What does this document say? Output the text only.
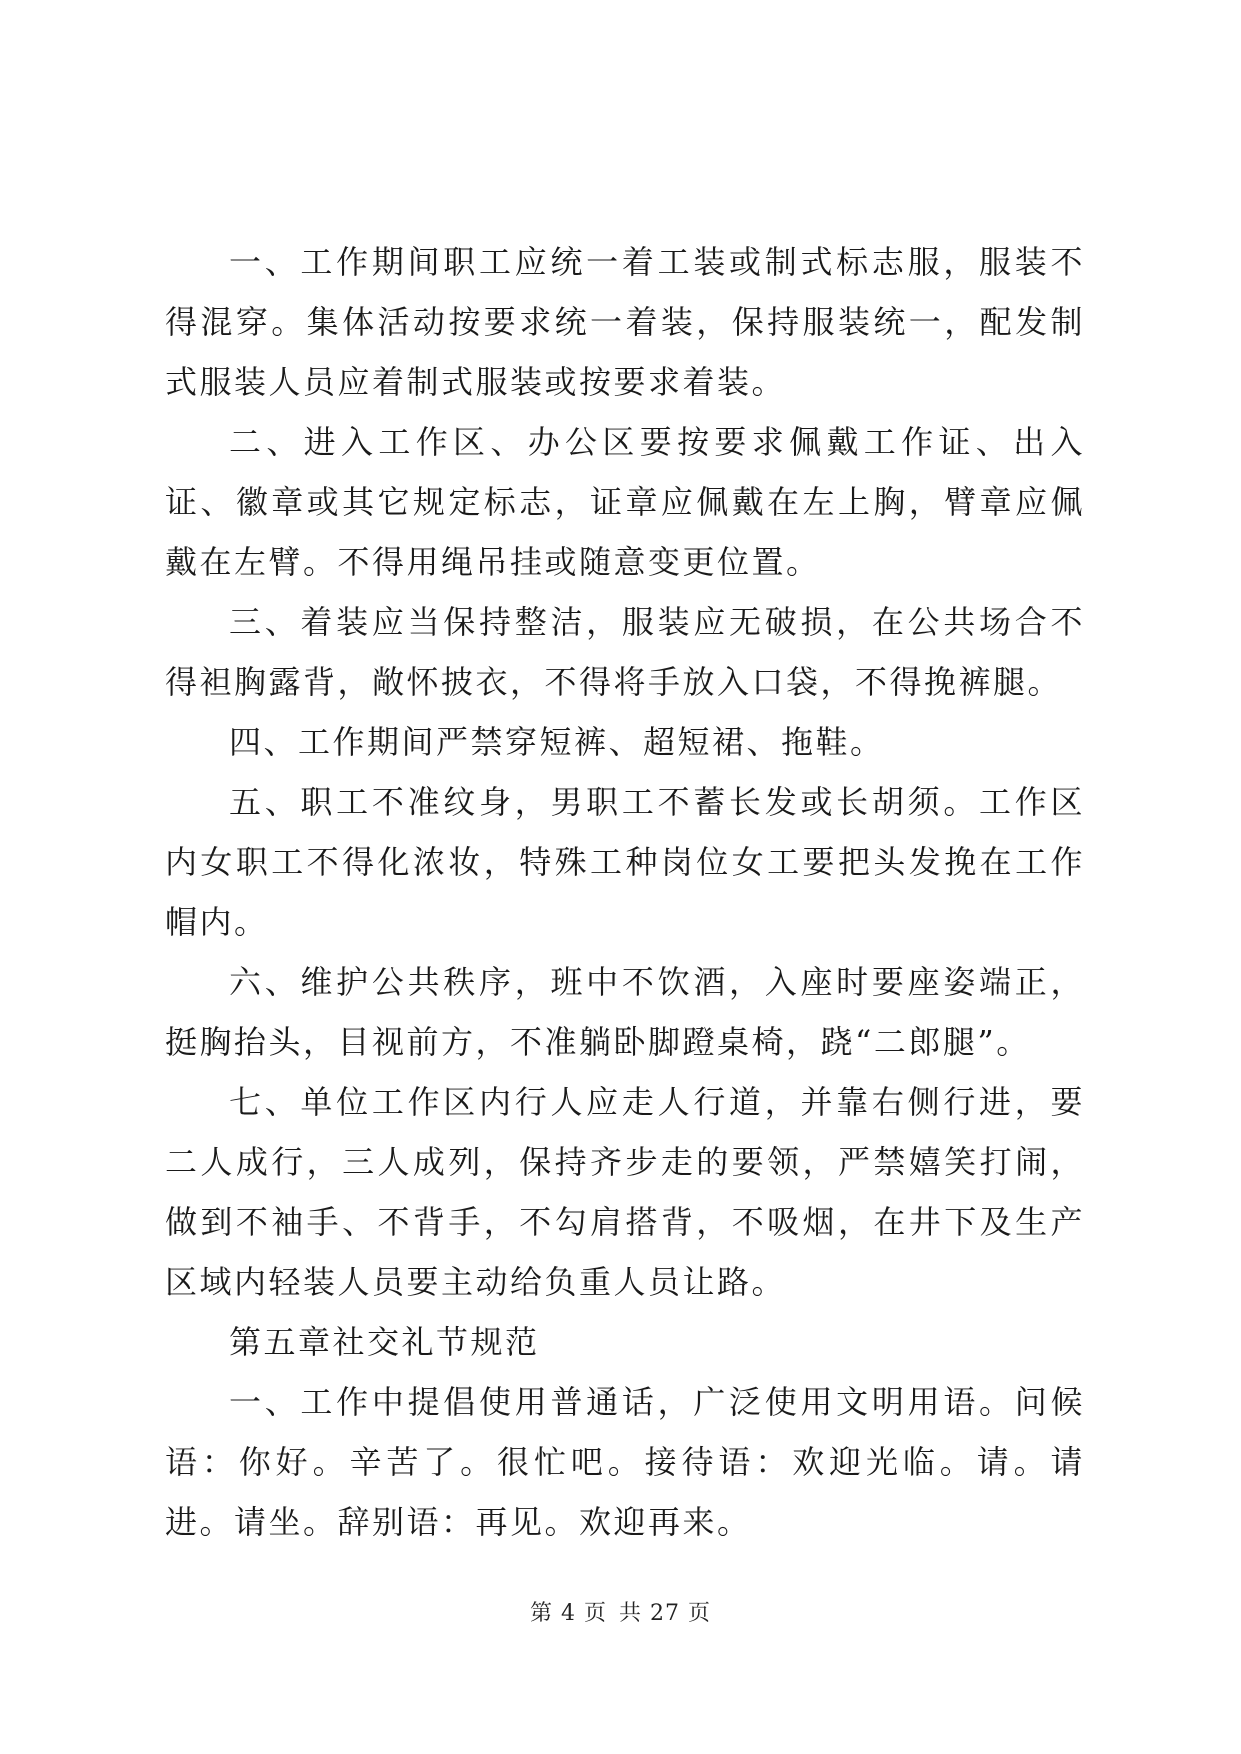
一、工作期间职工应统一着工装或制式标志服，服装不得混穿。集体活动按要求统一着装，保持服装统一，配发制式服装人员应着制式服装或按要求着装。

二、进入工作区、办公区要按要求佩戴工作证、出入证、徽章或其它规定标志，证章应佩戴在左上胸，臂章应佩戴在左臂。不得用绳吊挂或随意变更位置。

三、着装应当保持整洁，服装应无破损，在公共场合不得袒胸露背，敞怀披衣，不得将手放入口袋，不得挽裤腿。

四、工作期间严禁穿短裤、超短裙、拖鞋。

五、职工不准纹身，男职工不蓄长发或长胡须。工作区内女职工不得化浓妆，特殊工种岗位女工要把头发挽在工作帽内。

六、维护公共秩序，班中不饮酒，入座时要座姿端正，挺胸抬头，目视前方，不准躺卧脚蹬桌椅，跷“二郎腿”。

七、单位工作区内行人应走人行道，并靠右侧行进，要二人成行，三人成列，保持齐步走的要领，严禁嬉笑打闹，做到不袖手、不背手，不勾肩搭背，不吸烟，在井下及生产区域内轻装人员要主动给负重人员让路。

第五章社交礼节规范

一、工作中提倡使用普通话，广泛使用文明用语。问候语：你好。辛苦了。很忙吧。接待语：欢迎光临。请。请进。请坐。辞别语：再见。欢迎再来。

第 4 页 共 27 页
